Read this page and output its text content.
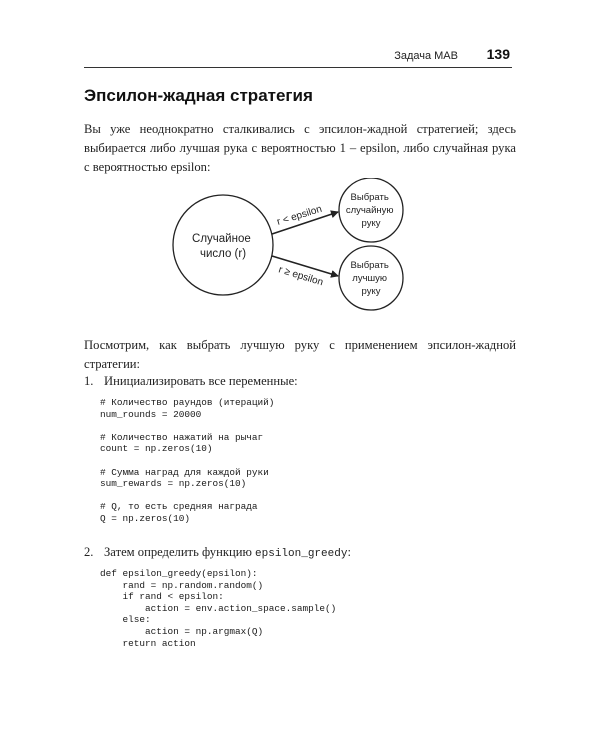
Задача MAB 139
Эпсилон-жадная стратегия

Вы уже неоднократно сталкивались с эпсилон-жадной стратегией; здесь выбирается либо лучшая рука с вероятностью 1 – epsilon, либо случайная рука с вероятностью epsilon:

Случайное число (r)
Выбрать случайную руку
Выбрать лучшую руку
r < epsilon
r ≥ epsilon

Посмотрим, как выбрать лучшую руку с применением эпсилон-жадной стратегии:

1. Инициализировать все переменные:
# Количество раундов (итераций)
num_rounds = 20000
# Количество нажатий на рычаг
count = np.zeros(10)
# Сумма наград для каждой руки
sum_rewards = np.zeros(10)
# Q, то есть средняя награда
Q = np.zeros(10)
2. Затем определить функцию epsilon_greedy:
def epsilon_greedy(epsilon):
rand = np.random.random()
if rand < epsilon:
action = env.action_space.sample()
else:
action = np.argmax(Q)
return action
